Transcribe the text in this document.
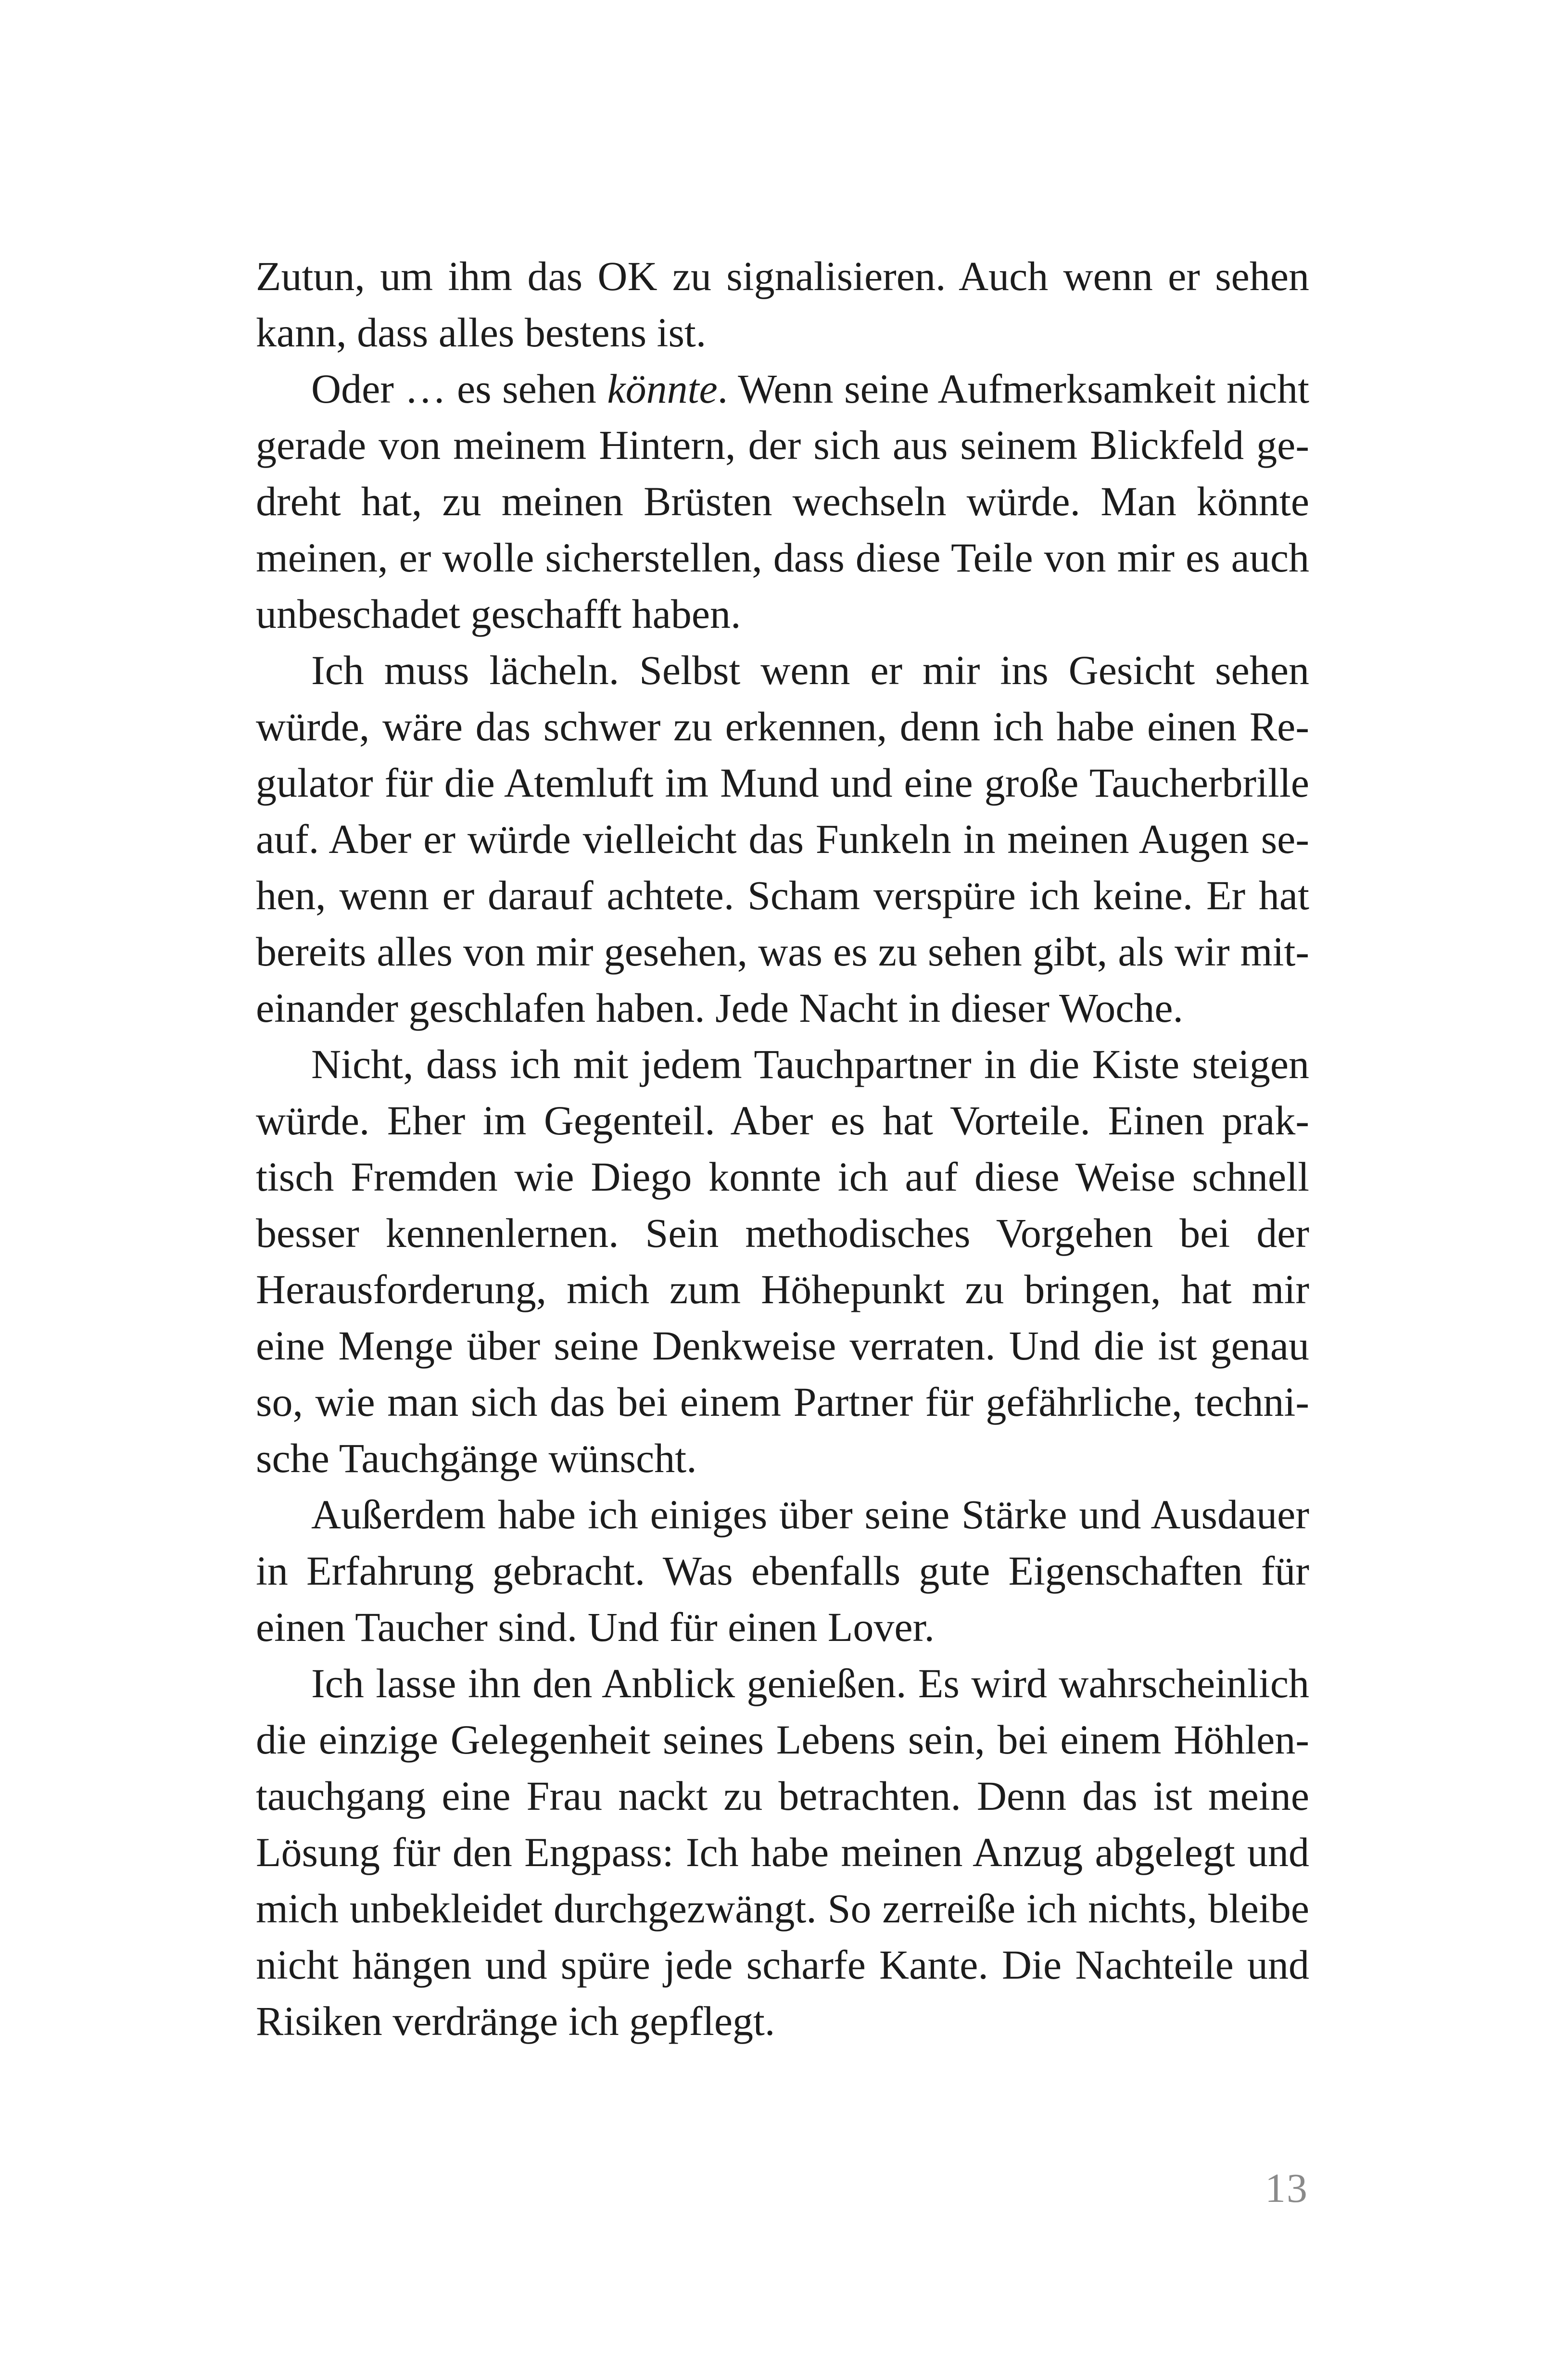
Zutun, um ihm das OK zu signalisieren. Auch wenn er sehen
kann, dass alles bestens ist.
Oder … es sehen könnte. Wenn seine Aufmerksamkeit nicht
gerade von meinem Hintern, der sich aus seinem Blickfeld ge-
dreht hat, zu meinen Brüsten wechseln würde. Man könnte
meinen, er wolle sicherstellen, dass diese Teile von mir es auch
unbeschadet geschafft haben.
Ich muss lächeln. Selbst wenn er mir ins Gesicht sehen
würde, wäre das schwer zu erkennen, denn ich habe einen Re-
gulator für die Atemluft im Mund und eine große Taucherbrille
auf. Aber er würde vielleicht das Funkeln in meinen Augen se-
hen, wenn er darauf achtete. Scham verspüre ich keine. Er hat
bereits alles von mir gesehen, was es zu sehen gibt, als wir mit-
einander geschlafen haben. Jede Nacht in dieser Woche.
Nicht, dass ich mit jedem Tauchpartner in die Kiste steigen
würde. Eher im Gegenteil. Aber es hat Vorteile. Einen prak-
tisch Fremden wie Diego konnte ich auf diese Weise schnell
besser kennenlernen. Sein methodisches Vorgehen bei der
Herausforderung, mich zum Höhepunkt zu bringen, hat mir
eine Menge über seine Denkweise verraten. Und die ist genau
so, wie man sich das bei einem Partner für gefährliche, techni-
sche Tauchgänge wünscht.
Außerdem habe ich einiges über seine Stärke und Ausdauer
in Erfahrung gebracht. Was ebenfalls gute Eigenschaften für
einen Taucher sind. Und für einen Lover.
Ich lasse ihn den Anblick genießen. Es wird wahrscheinlich
die einzige Gelegenheit seines Lebens sein, bei einem Höhlen-
tauchgang eine Frau nackt zu betrachten. Denn das ist meine
Lösung für den Engpass: Ich habe meinen Anzug abgelegt und
mich unbekleidet durchgezwängt. So zerreiße ich nichts, bleibe
nicht hängen und spüre jede scharfe Kante. Die Nachteile und
Risiken verdränge ich gepflegt.
13
